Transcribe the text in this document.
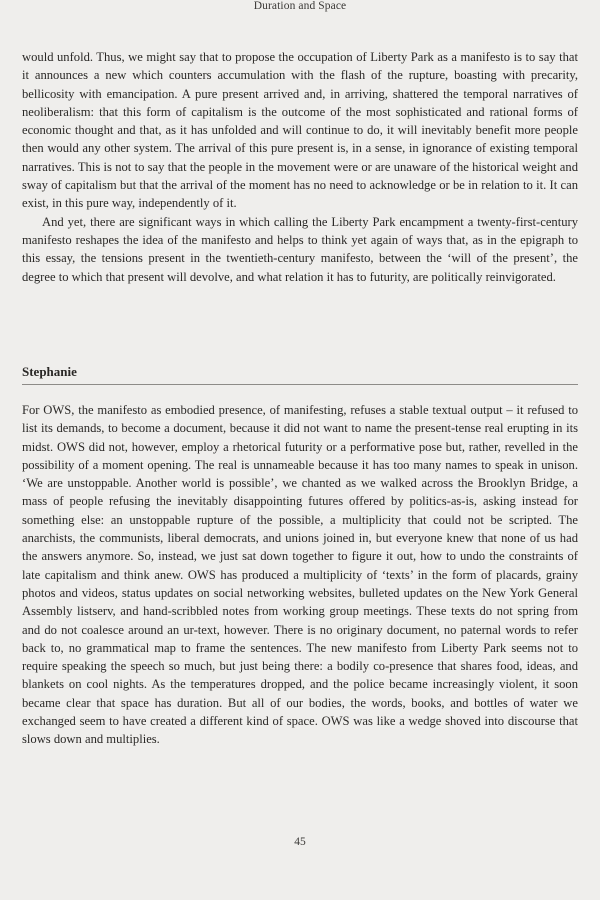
Duration and Space

would unfold. Thus, we might say that to propose the occupation of Liberty Park as a manifesto is to say that it announces a new which counters accumulation with the flash of the rupture, boasting with precarity, bellicosity with emancipation. A pure present arrived and, in arriving, shattered the temporal narratives of neoliberalism: that this form of capitalism is the outcome of the most sophisticated and rational forms of economic thought and that, as it has unfolded and will continue to do, it will inevitably benefit more people then would any other system. The arrival of this pure present is, in a sense, in ignorance of existing temporal narratives. This is not to say that the people in the movement were or are unaware of the historical weight and sway of capitalism but that the arrival of the moment has no need to acknowledge or be in relation to it. It can exist, in this pure way, independently of it.

And yet, there are significant ways in which calling the Liberty Park encampment a twenty-first-century manifesto reshapes the idea of the manifesto and helps to think yet again of ways that, as in the epigraph to this essay, the tensions present in the twentieth-century manifesto, between the ‘will of the present’, the degree to which that present will devolve, and what relation it has to futurity, are politically reinvigorated.

Stephanie

For OWS, the manifesto as embodied presence, of manifesting, refuses a stable textual output – it refused to list its demands, to become a document, because it did not want to name the present-tense real erupting in its midst. OWS did not, however, employ a rhetorical futurity or a performative pose but, rather, revelled in the possibility of a moment opening. The real is unnameable because it has too many names to speak in unison. ‘We are unstoppable. Another world is possible’, we chanted as we walked across the Brooklyn Bridge, a mass of people refusing the inevitably disappointing futures offered by politics-as-is, asking instead for something else: an unstoppable rupture of the possible, a multiplicity that could not be scripted. The anarchists, the communists, liberal democrats, and unions joined in, but everyone knew that none of us had the answers anymore. So, instead, we just sat down together to figure it out, how to undo the constraints of late capitalism and think anew. OWS has produced a multiplicity of ‘texts’ in the form of placards, grainy photos and videos, status updates on social networking websites, bulleted updates on the New York General Assembly listserv, and hand-scribbled notes from working group meetings. These texts do not spring from and do not coalesce around an ur-text, however. There is no originary document, no paternal words to refer back to, no grammatical map to frame the sentences. The new manifesto from Liberty Park seems not to require speaking the speech so much, but just being there: a bodily co-presence that shares food, ideas, and blankets on cool nights. As the temperatures dropped, and the police became increasingly violent, it soon became clear that space has duration. But all of our bodies, the words, books, and bottles of water we exchanged seem to have created a different kind of space. OWS was like a wedge shoved into discourse that slows down and multiplies.

45
